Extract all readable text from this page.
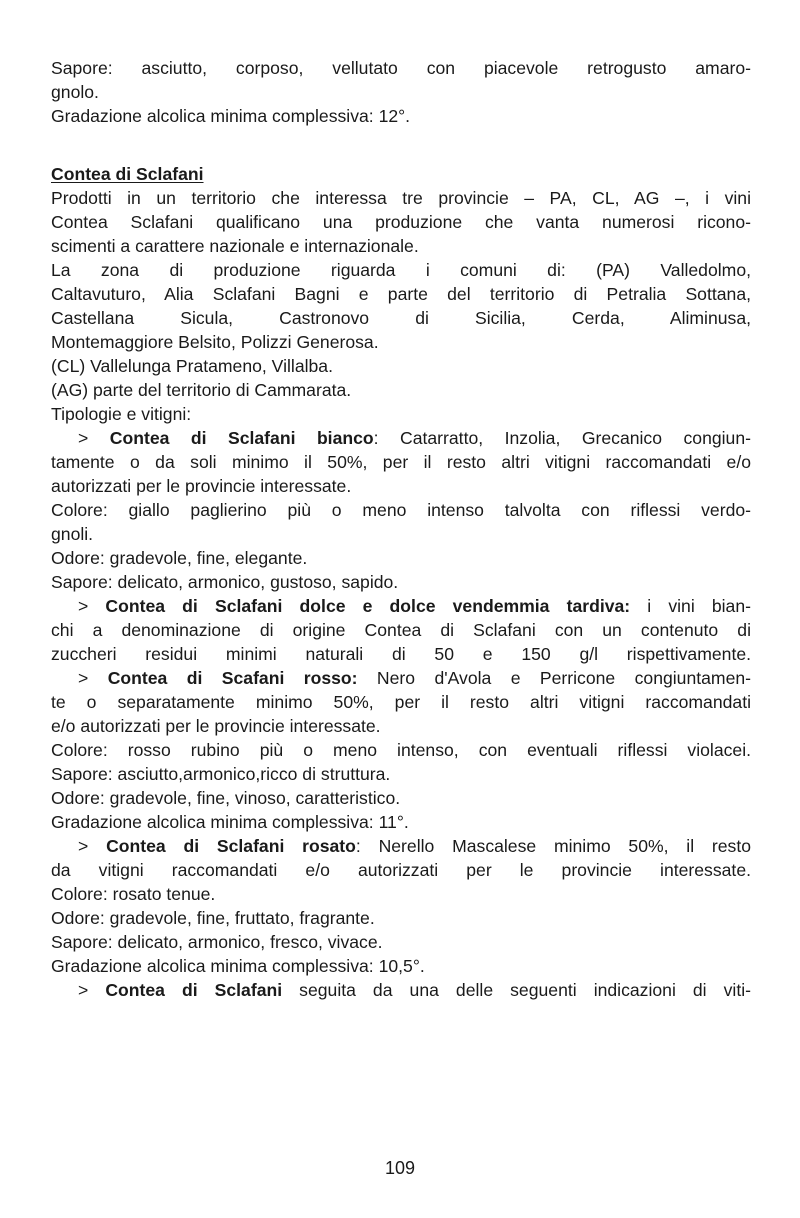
Sapore: asciutto, corposo, vellutato con piacevole retrogusto amaro-
gnolo.
Gradazione alcolica minima complessiva: 12°.
Contea di Sclafani
Prodotti in un territorio che interessa tre provincie – PA, CL, AG –, i vini
Contea Sclafani qualificano una produzione che vanta numerosi ricono-
scimenti a carattere nazionale e internazionale.
La zona di produzione riguarda i comuni di: (PA) Valledolmo,
Caltavuturo, Alia Sclafani Bagni e parte del territorio di Petralia Sottana,
Castellana Sicula, Castronovo di Sicilia, Cerda, Aliminusa,
Montemaggiore Belsito, Polizzi Generosa.
(CL) Vallelunga Pratameno, Villalba.
(AG) parte del territorio di Cammarata.
Tipologie e vitigni:
> Contea di Sclafani bianco: Catarratto, Inzolia, Grecanico congiun-
tamente o da soli minimo il 50%, per il resto altri vitigni raccomandati e/o
autorizzati per le provincie interessate.
Colore: giallo paglierino più o meno intenso talvolta con riflessi verdo-
gnoli.
Odore: gradevole, fine, elegante.
Sapore: delicato, armonico, gustoso, sapido.
> Contea di Sclafani dolce e dolce vendemmia tardiva: i vini bian-
chi a denominazione di origine Contea di Sclafani con un contenuto di
zuccheri residui minimi naturali di 50 e 150 g/l rispettivamente.
> Contea di Scafani rosso: Nero d'Avola e Perricone congiuntamen-
te o separatamente minimo 50%, per il resto altri vitigni raccomandati
e/o autorizzati per le provincie interessate.
Colore: rosso rubino più o meno intenso, con eventuali riflessi violacei.
Sapore: asciutto,armonico,ricco di struttura.
Odore: gradevole, fine, vinoso, caratteristico.
Gradazione alcolica minima complessiva: 11°.
> Contea di Sclafani rosato: Nerello Mascalese minimo 50%, il resto
da vitigni raccomandati e/o autorizzati per le provincie interessate.
Colore: rosato tenue.
Odore: gradevole, fine, fruttato, fragrante.
Sapore: delicato, armonico, fresco, vivace.
Gradazione alcolica minima complessiva: 10,5°.
> Contea di Sclafani seguita da una delle seguenti indicazioni di viti-
109
